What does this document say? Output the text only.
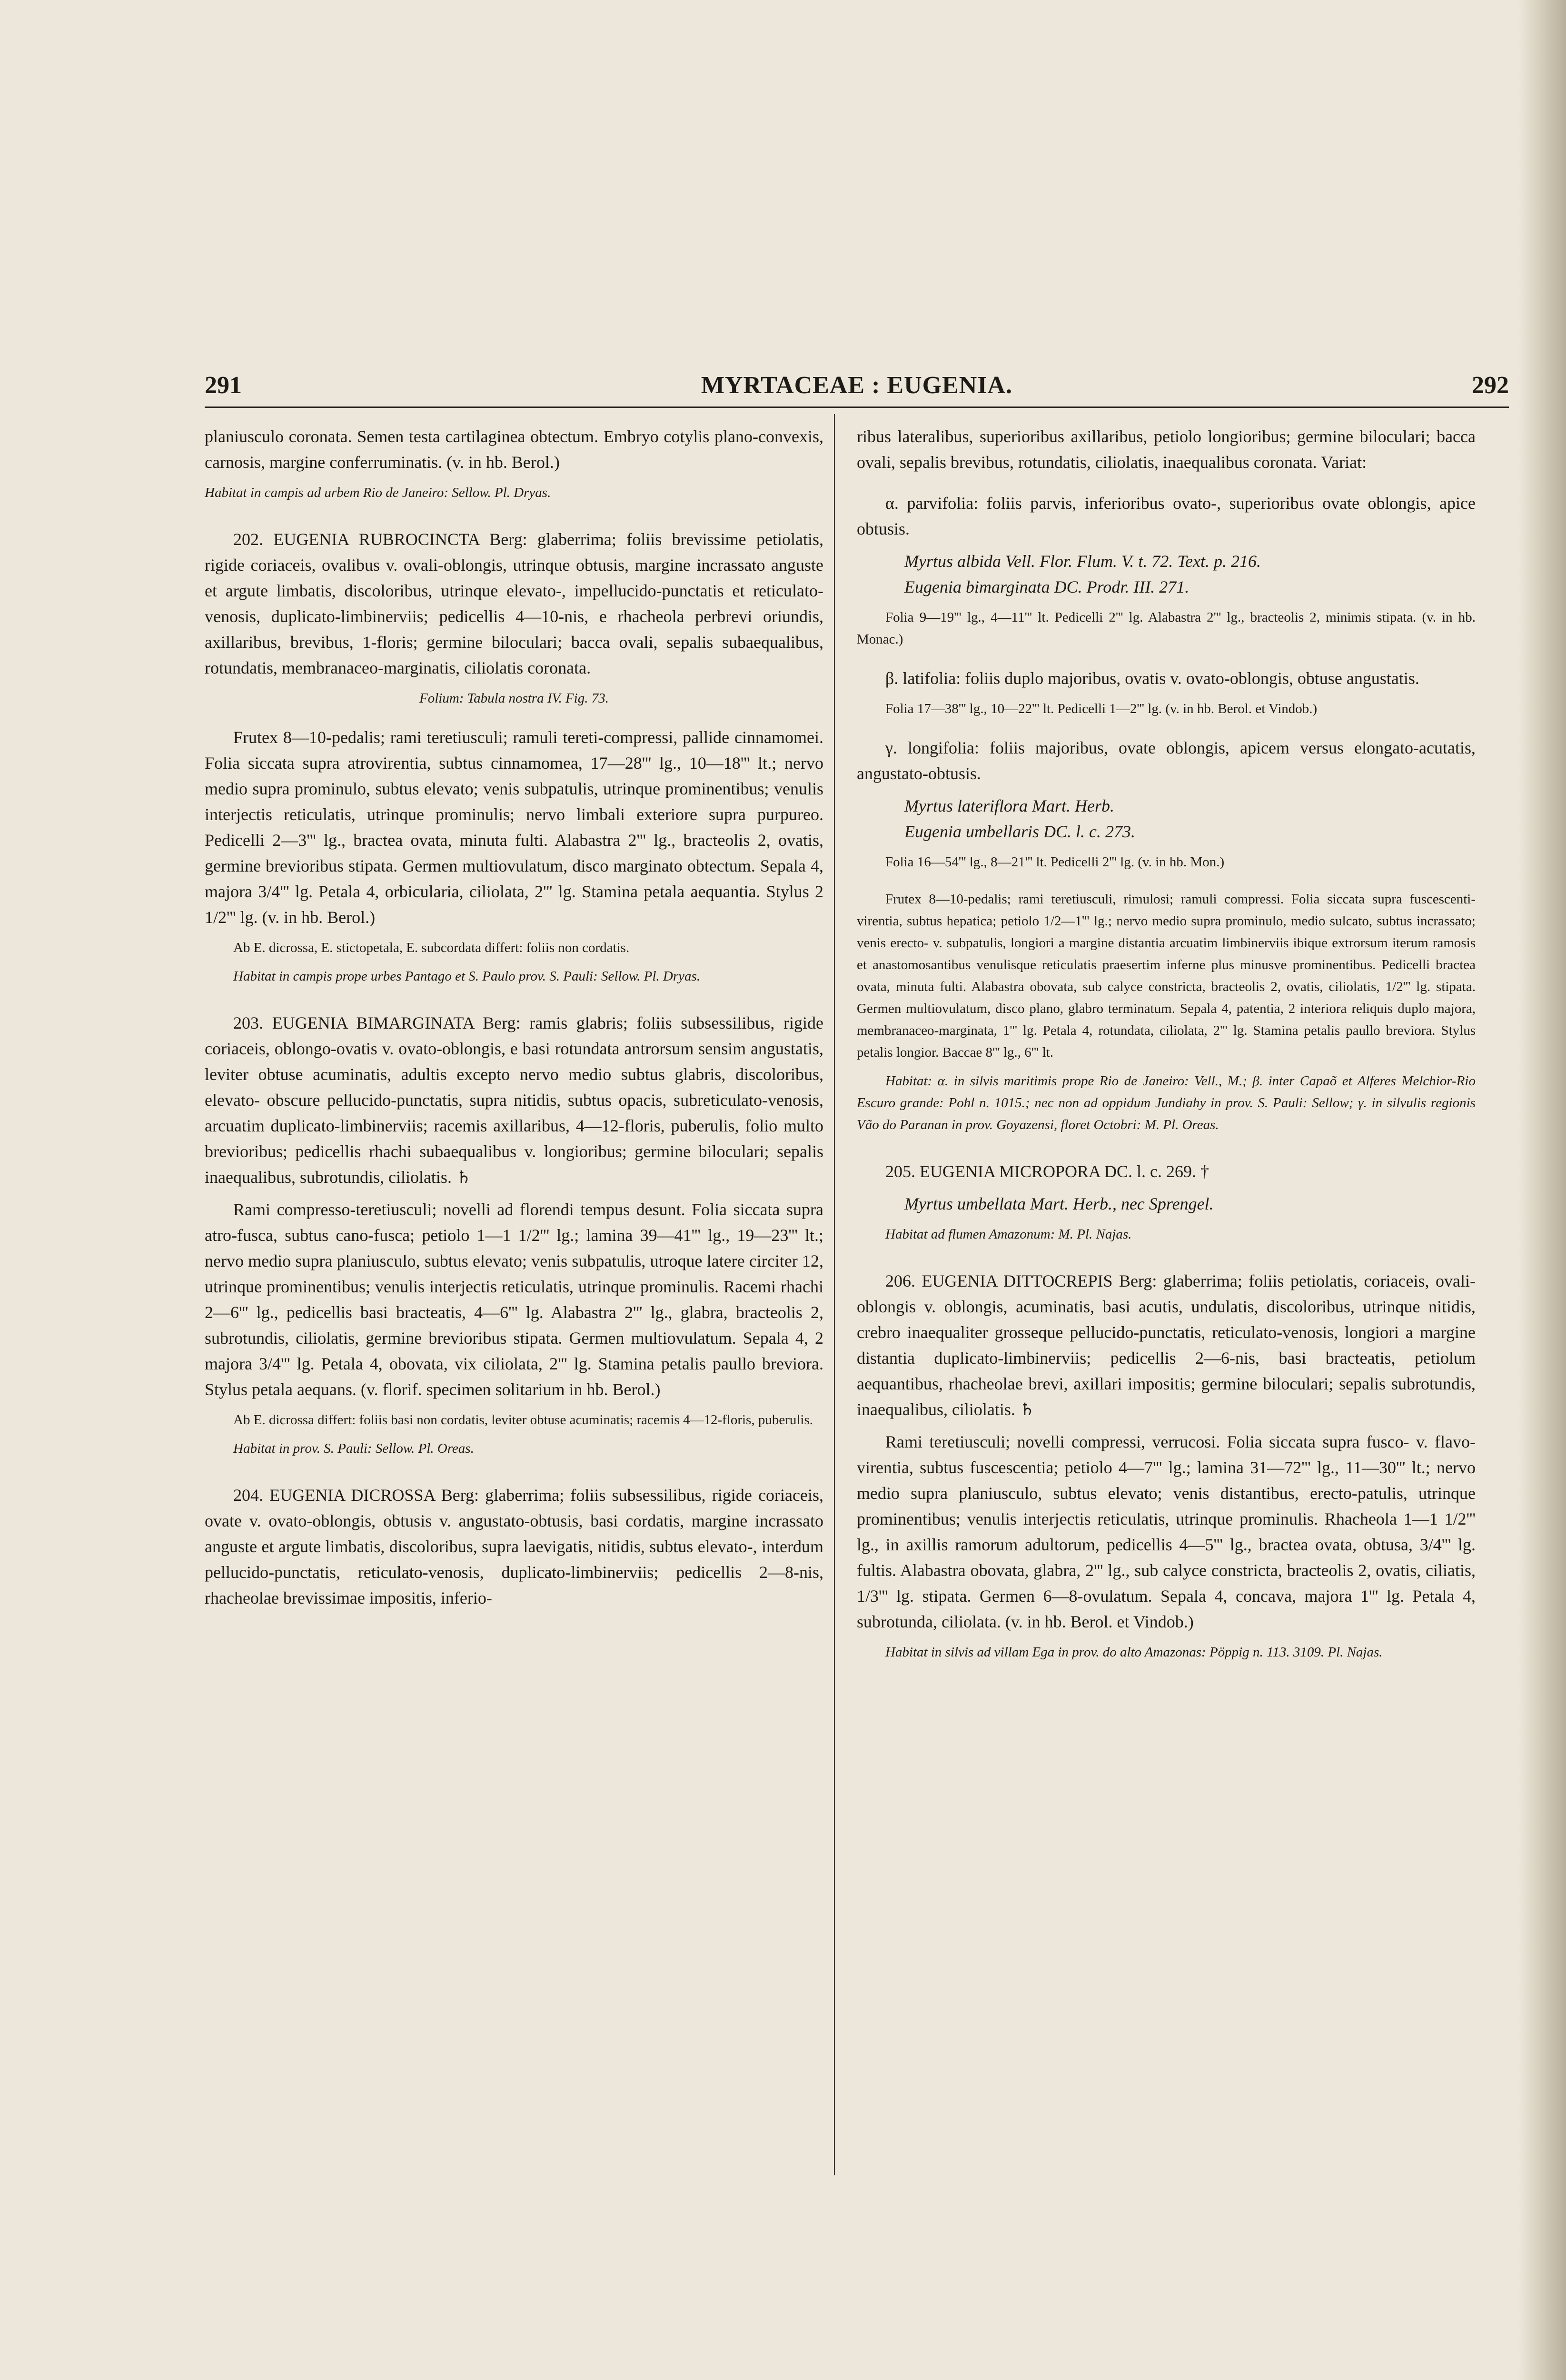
291	MYRTACEAE : EUGENIA.	292

planiusculo coronata. Semen testa cartilaginea obtectum. Embryo cotylis plano-convexis, carnosis, margine conferruminatis. (v. in hb. Berol.)

Habitat in campis ad urbem Rio de Janeiro: Sellow. Pl. Dryas.

202. EUGENIA RUBROCINCTA Berg: glaberrima; foliis brevissime petiolatis, rigide coriaceis, ovalibus v. ovali-oblongis, utrinque obtusis, margine incrassato anguste et argute limbatis, discoloribus, utrinque elevato-, impellucido-punctatis et reticulato-venosis, duplicato-limbinerviis; pedicellis 4—10-nis, e rhacheola perbrevi oriundis, axillaribus, brevibus, 1-floris; germine biloculari; bacca ovali, sepalis subaequalibus, rotundatis, membranaceo-marginatis, ciliolatis coronata.

Folium: Tabula nostra IV. Fig. 73.

Frutex 8—10-pedalis; rami teretiusculi; ramuli tereti-compressi, pallide cinnamomei. Folia siccata supra atrovirentia, subtus cinnamomea, 17—28''' lg., 10—18''' lt.; nervo medio supra prominulo, subtus elevato; venis subpatulis, utrinque prominentibus; venulis interjectis reticulatis, utrinque prominulis; nervo limbali exteriore supra purpureo. Pedicelli 2—3''' lg., bractea ovata, minuta fulti. Alabastra 2''' lg., bracteolis 2, ovatis, germine brevioribus stipata. Germen multiovulatum, disco marginato obtectum. Sepala 4, majora 3/4''' lg. Petala 4, orbicularia, ciliolata, 2''' lg. Stamina petala aequantia. Stylus 2 1/2''' lg. (v. in hb. Berol.)

Ab E. dicrossa, E. stictopetala, E. subcordata differt: foliis non cordatis.

Habitat in campis prope urbes Pantago et S. Paulo prov. S. Pauli: Sellow. Pl. Dryas.

203. EUGENIA BIMARGINATA Berg: ramis glabris; foliis subsessilibus, rigide coriaceis, oblongo-ovatis v. ovato-oblongis, e basi rotundata antrorsum sensim angustatis, leviter obtuse acuminatis, adultis excepto nervo medio subtus glabris, discoloribus, elevato- obscure pellucido-punctatis, supra nitidis, subtus opacis, subreticulato-venosis, arcuatim duplicato-limbinerviis; racemis axillaribus, 4—12-floris, puberulis, folio multo brevioribus; pedicellis rhachi subaequalibus v. longioribus; germine biloculari; sepalis inaequalibus, subrotundis, ciliolatis. ♄

Rami compresso-teretiusculi; novelli ad florendi tempus desunt. Folia siccata supra atro-fusca, subtus cano-fusca; petiolo 1—1 1/2''' lg.; lamina 39—41''' lg., 19—23''' lt.; nervo medio supra planiusculo, subtus elevato; venis subpatulis, utroque latere circiter 12, utrinque prominentibus; venulis interjectis reticulatis, utrinque prominulis. Racemi rhachi 2—6''' lg., pedicellis basi bracteatis, 4—6''' lg. Alabastra 2''' lg., glabra, bracteolis 2, subrotundis, ciliolatis, germine brevioribus stipata. Germen multiovulatum. Sepala 4, 2 majora 3/4''' lg. Petala 4, obovata, vix ciliolata, 2''' lg. Stamina petalis paullo breviora. Stylus petala aequans. (v. florif. specimen solitarium in hb. Berol.)

Ab E. dicrossa differt: foliis basi non cordatis, leviter obtuse acuminatis; racemis 4—12-floris, puberulis.

Habitat in prov. S. Pauli: Sellow. Pl. Oreas.

204. EUGENIA DICROSSA Berg: glaberrima; foliis subsessilibus, rigide coriaceis, ovate v. ovato-oblongis, obtusis v. angustato-obtusis, basi cordatis, margine incrassato anguste et argute limbatis, discoloribus, supra laevigatis, nitidis, subtus elevato-, interdum pellucido-punctatis, reticulato-venosis, duplicato-limbinerviis; pedicellis 2—8-nis, rhacheolae brevissimae impositis, inferio-

ribus lateralibus, superioribus axillaribus, petiolo longioribus; germine biloculari; bacca ovali, sepalis brevibus, rotundatis, ciliolatis, inaequalibus coronata. Variat:

α. parvifolia: foliis parvis, inferioribus ovato-, superioribus ovate oblongis, apice obtusis.

Myrtus albida Vell. Flor. Flum. V. t. 72. Text. p. 216.

Eugenia bimarginata DC. Prodr. III. 271.

Folia 9—19''' lg., 4—11''' lt. Pedicelli 2''' lg. Alabastra 2''' lg., bracteolis 2, minimis stipata. (v. in hb. Monac.)

β. latifolia: foliis duplo majoribus, ovatis v. ovato-oblongis, obtuse angustatis.

Folia 17—38''' lg., 10—22''' lt. Pedicelli 1—2''' lg. (v. in hb. Berol. et Vindob.)

γ. longifolia: foliis majoribus, ovate oblongis, apicem versus elongato-acutatis, angustato-obtusis.

Myrtus lateriflora Mart. Herb.

Eugenia umbellaris DC. l. c. 273.

Folia 16—54''' lg., 8—21''' lt. Pedicelli 2''' lg. (v. in hb. Mon.)

Frutex 8—10-pedalis; rami teretiusculi, rimulosi; ramuli compressi. Folia siccata supra fuscescenti-virentia, subtus hepatica; petiolo 1/2—1''' lg.; nervo medio supra prominulo, medio sulcato, subtus incrassato; venis erecto- v. subpatulis, longiori a margine distantia arcuatim limbinerviis ibique extrorsum iterum ramosis et anastomosantibus venulisque reticulatis praesertim inferne plus minusve prominentibus. Pedicelli bractea ovata, minuta fulti. Alabastra obovata, sub calyce constricta, bracteolis 2, ovatis, ciliolatis, 1/2''' lg. stipata. Germen multiovulatum, disco plano, glabro terminatum. Sepala 4, patentia, 2 interiora reliquis duplo majora, membranaceo-marginata, 1''' lg. Petala 4, rotundata, ciliolata, 2''' lg. Stamina petalis paullo breviora. Stylus petalis longior. Baccae 8''' lg., 6''' lt.

Habitat: α. in silvis maritimis prope Rio de Janeiro: Vell., M.; β. inter Capaõ et Alferes Melchior-Rio Escuro grande: Pohl n. 1015.; nec non ad oppidum Jundiahy in prov. S. Pauli: Sellow; γ. in silvulis regionis Vão do Paranan in prov. Goyazensi, floret Octobri: M. Pl. Oreas.

205. EUGENIA MICROPORA DC. l. c. 269. †

Myrtus umbellata Mart. Herb., nec Sprengel.

Habitat ad flumen Amazonum: M. Pl. Najas.

206. EUGENIA DITTOCREPIS Berg: glaberrima; foliis petiolatis, coriaceis, ovali-oblongis v. oblongis, acuminatis, basi acutis, undulatis, discoloribus, utrinque nitidis, crebro inaequaliter grosseque pellucido-punctatis, reticulato-venosis, longiori a margine distantia duplicato-limbinerviis; pedicellis 2—6-nis, basi bracteatis, petiolum aequantibus, rhacheolae brevi, axillari impositis; germine biloculari; sepalis subrotundis, inaequalibus, ciliolatis. ♄

Rami teretiusculi; novelli compressi, verrucosi. Folia siccata supra fusco- v. flavo-virentia, subtus fuscescentia; petiolo 4—7''' lg.; lamina 31—72''' lg., 11—30''' lt.; nervo medio supra planiusculo, subtus elevato; venis distantibus, erecto-patulis, utrinque prominentibus; venulis interjectis reticulatis, utrinque prominulis. Rhacheola 1—1 1/2''' lg., in axillis ramorum adultorum, pedicellis 4—5''' lg., bractea ovata, obtusa, 3/4''' lg. fultis. Alabastra obovata, glabra, 2''' lg., sub calyce constricta, bracteolis 2, ovatis, ciliatis, 1/3''' lg. stipata. Germen 6—8-ovulatum. Sepala 4, concava, majora 1''' lg. Petala 4, subrotunda, ciliolata. (v. in hb. Berol. et Vindob.)

Habitat in silvis ad villam Ega in prov. do alto Amazonas: Pöppig n. 113. 3109. Pl. Najas.
